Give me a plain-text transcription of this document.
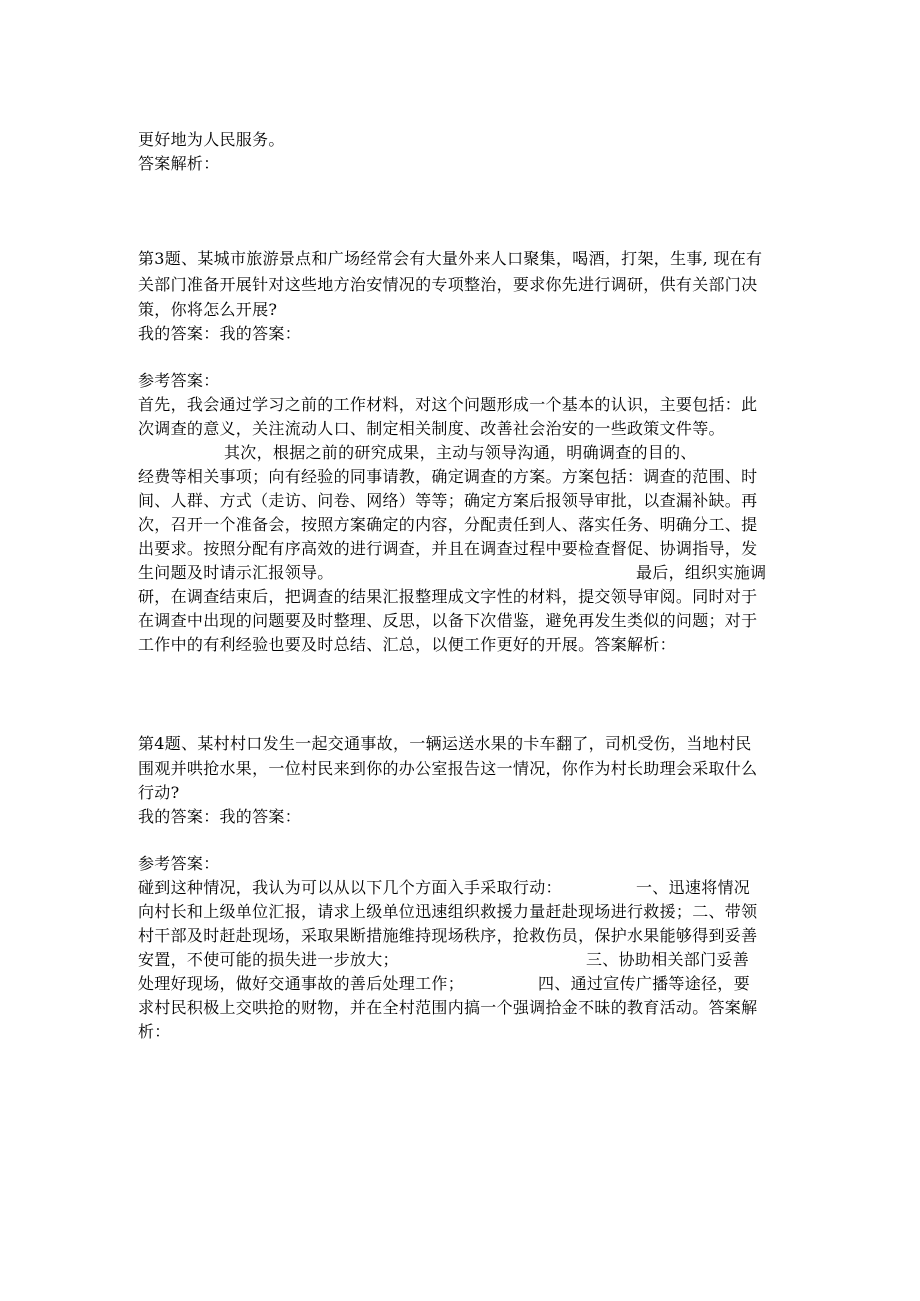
更好地为人民服务。
答案解析：
第3题、某城市旅游景点和广场经常会有大量外来人口聚集，喝酒，打架，生事, 现在有
关部门准备开展针对这些地方治安情况的专项整治，要求你先进行调研，供有关部门决
策，你将怎么开展?
我的答案：我的答案：
参考答案：
首先，我会通过学习之前的工作材料，对这个问题形成一个基本的认识，主要包括：此
次调查的意义，关注流动人口、制定相关制度、改善社会治安的一些政策文件等。
其次，根据之前的研究成果，主动与领导沟通，明确调查的目的、
经费等相关事项；向有经验的同事请教，确定调查的方案。方案包括：调查的范围、时
间、人群、方式（走访、问卷、网络）等等；确定方案后报领导审批，以查漏补缺。再
次，召开一个准备会，按照方案确定的内容，分配责任到人、落实任务、明确分工、提
出要求。按照分配有序高效的进行调查，并且在调查过程中要检查督促、协调指导，发
生问题及时请示汇报领导。	最后，组织实施调
研，在调查结束后，把调查的结果汇报整理成文字性的材料，提交领导审阅。同时对于
在调查中出现的问题要及时整理、反思，以备下次借鉴，避免再发生类似的问题；对于
工作中的有利经验也要及时总结、汇总，以便工作更好的开展。答案解析：
第4题、某村村口发生一起交通事故，一辆运送水果的卡车翻了，司机受伤，当地村民
围观并哄抢水果，一位村民来到你的办公室报告这一情况，你作为村长助理会采取什么
行动?
我的答案：我的答案：
参考答案：
碰到这种情况，我认为可以从以下几个方面入手采取行动：	一、迅速将情况
向村长和上级单位汇报，请求上级单位迅速组织救援力量赶赴现场进行救援；二、带领
村干部及时赶赴现场，采取果断措施维持现场秩序，抢救伤员，保护水果能够得到妥善
安置，不使可能的损失进一步放大；	三、协助相关部门妥善
处理好现场，做好交通事故的善后处理工作；	四、通过宣传广播等途径，要
求村民积极上交哄抢的财物，并在全村范围内搞一个强调拾金不昧的教育活动。答案解
析：
